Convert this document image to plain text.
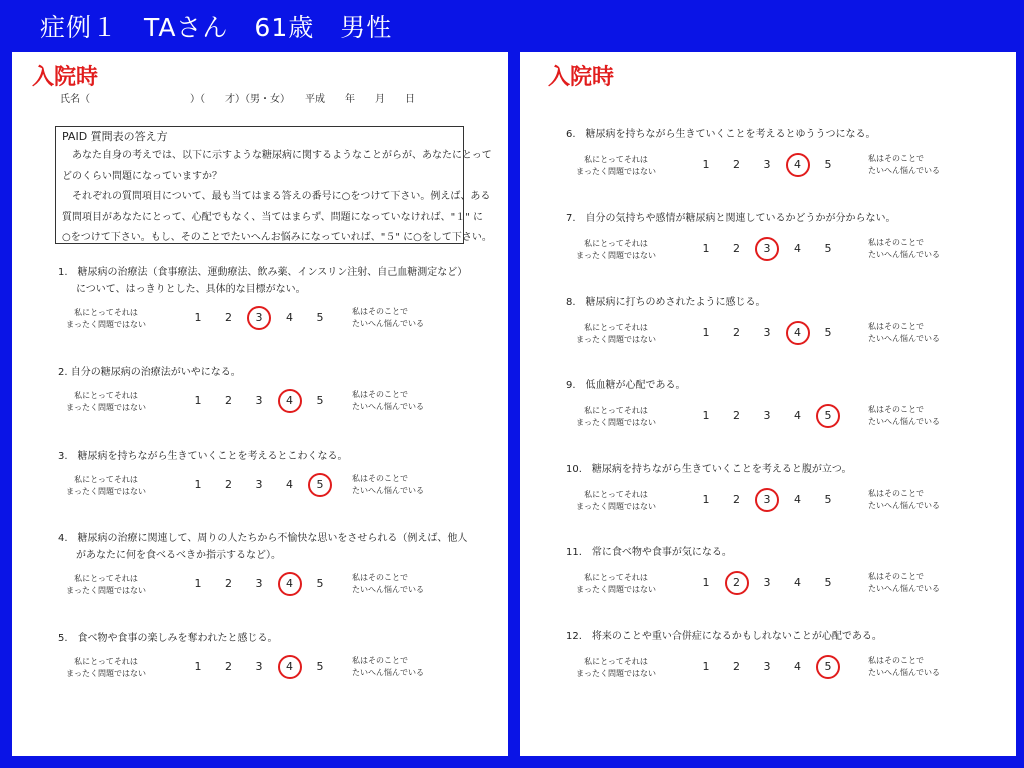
症例１　TAさん　61歳　男性
入院時
氏名（　　　　　　　　　　）（　　才）（男・女）　　平成　　年　　月　　日
PAID 質問表の答え方
　あなた自身の考えでは、以下に示すような糖尿病に関するようなことがらが、あなたにとって
どのくらい問題になっていますか？
　それぞれの質問項目について、最も当てはまる答えの番号に○をつけて下さい。例えば、ある
質問項目があなたにとって、心配でもなく、当てはまらず、問題になっていなければ、"１" に
○をつけて下さい。もし、そのことでたいへんお悩みになっていれば、"５" に○をして下さい。
1.　糖尿病の治療法（食事療法、運動療法、飲み薬、インスリン注射、自己血糖測定など）
について、はっきりとした、具体的な目標がない。
私にとってそれは
まったく問題ではない
1	2	3	4	5	私はそのことで
たいへん悩んでいる
2. 自分の糖尿病の治療法がいやになる。
私にとってそれは
まったく問題ではない
1	2	3	4	5	私はそのことで
たいへん悩んでいる
3.　糖尿病を持ちながら生きていくことを考えるとこわくなる。
私にとってそれは
まったく問題ではない
1	2	3	4	5	私はそのことで
たいへん悩んでいる
4.　糖尿病の治療に関連して、周りの人たちから不愉快な思いをさせられる（例えば、他人
があなたに何を食べるべきか指示するなど）。
私にとってそれは
まったく問題ではない
1	2	3	4	5	私はそのことで
たいへん悩んでいる
5.　食べ物や食事の楽しみを奪われたと感じる。
私にとってそれは
まったく問題ではない
1	2	3	4	5	私はそのことで
たいへん悩んでいる
入院時
6.　糖尿病を持ちながら生きていくことを考えるとゆううつになる。
私にとってそれは
まったく問題ではない
1	2	3	4	5	私はそのことで
たいへん悩んでいる
7.　自分の気持ちや感情が糖尿病と関連しているかどうかが分からない。
私にとってそれは
まったく問題ではない
1	2	3	4	5	私はそのことで
たいへん悩んでいる
8.　糖尿病に打ちのめされたように感じる。
私にとってそれは
まったく問題ではない
1	2	3	4	5	私はそのことで
たいへん悩んでいる
9.　低血糖が心配である。
私にとってそれは
まったく問題ではない
1	2	3	4	5	私はそのことで
たいへん悩んでいる
10.　糖尿病を持ちながら生きていくことを考えると腹が立つ。
私にとってそれは
まったく問題ではない
1	2	3	4	5	私はそのことで
たいへん悩んでいる
11.　常に食べ物や食事が気になる。
私にとってそれは
まったく問題ではない
1	2	3	4	5	私はそのことで
たいへん悩んでいる
12.　将来のことや重い合併症になるかもしれないことが心配である。
私にとってそれは
まったく問題ではない
1	2	3	4	5	私はそのことで
たいへん悩んでいる
